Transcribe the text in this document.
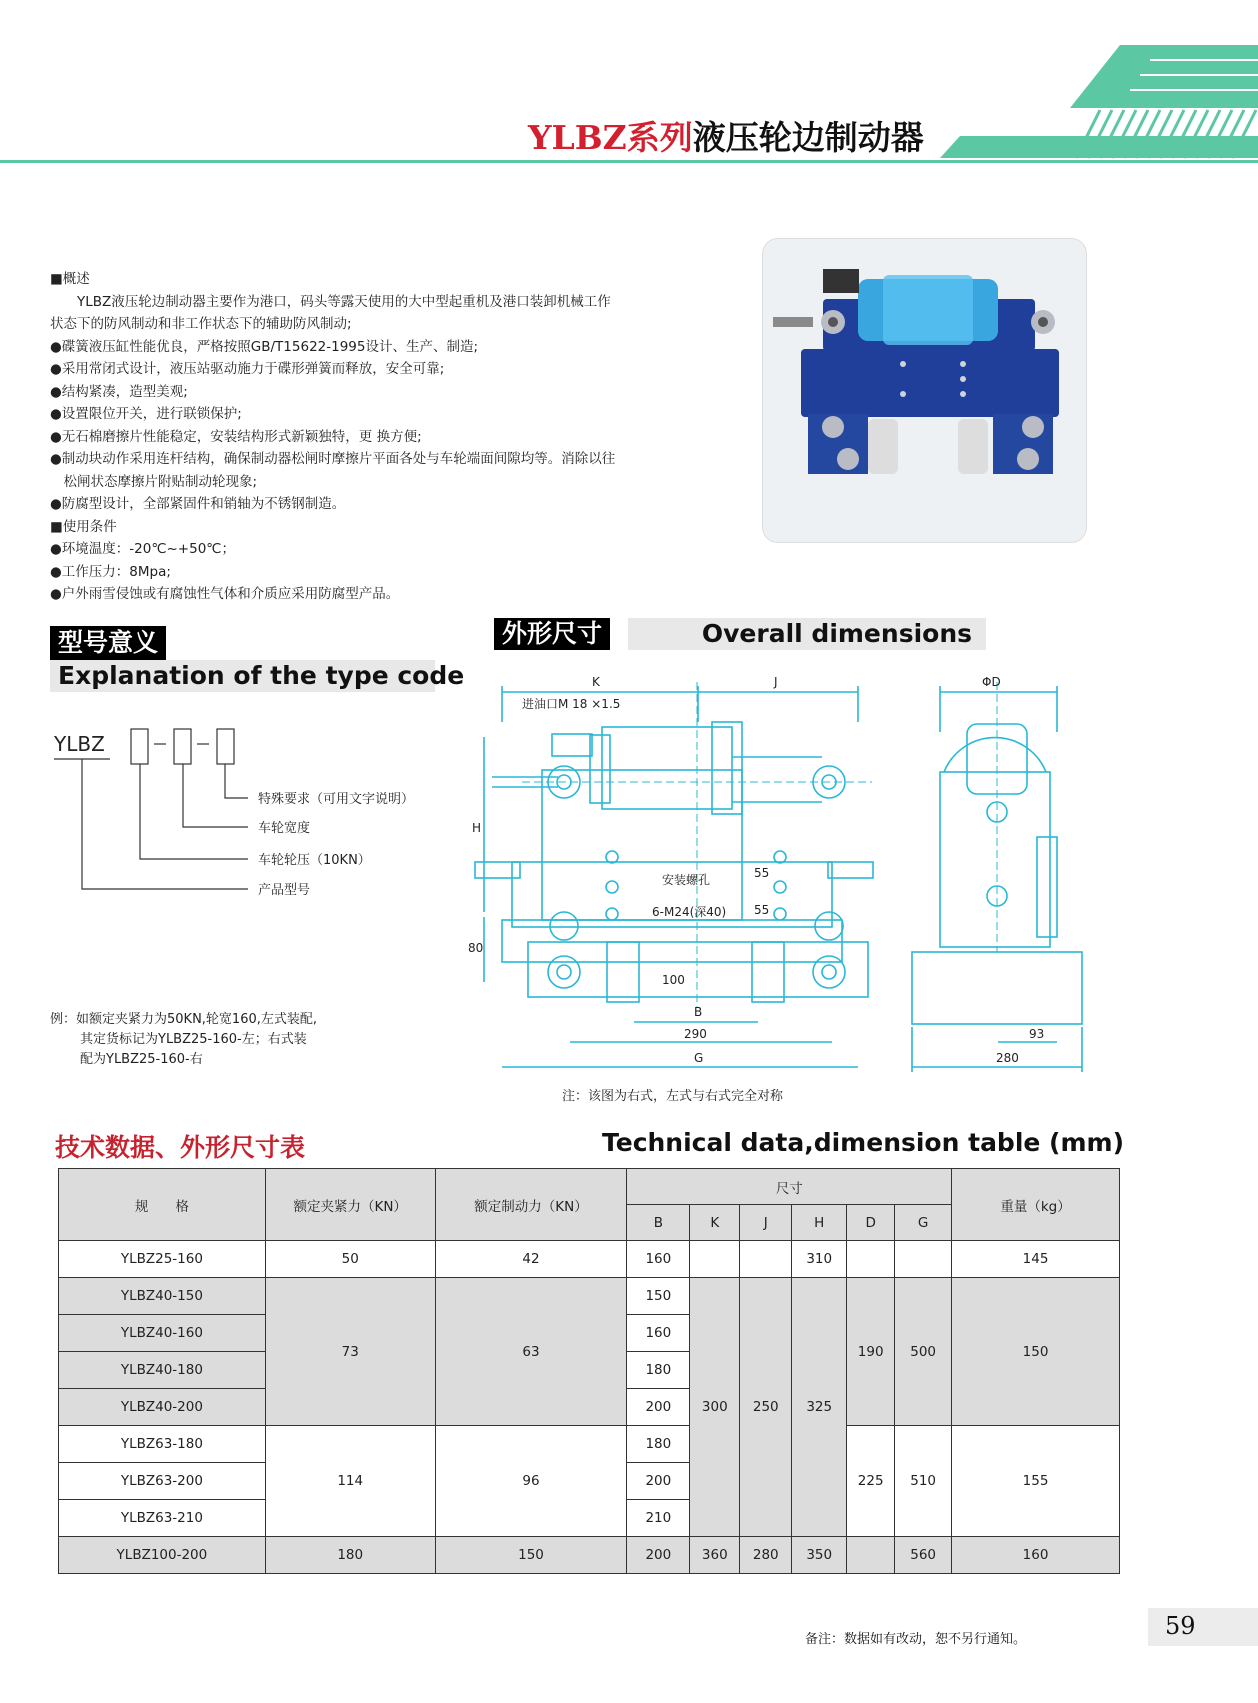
YLBZ系列液压轮边制动器

■概述

　　YLBZ液压轮边制动器主要作为港口，码头等露天使用的大中型起重机及港口装卸机械工作

状态下的防风制动和非工作状态下的辅助防风制动;

●碟簧液压缸性能优良，严格按照GB/T15622-1995设计、生产、制造;

●采用常闭式设计，液压站驱动施力于碟形弹簧而释放，安全可靠;

●结构紧凑，造型美观;

●设置限位开关，进行联锁保护;

●无石棉磨擦片性能稳定，安装结构形式新颖独特，更 换方便;

●制动块动作采用连杆结构，确保制动器松闸时摩擦片平面各处与车轮端面间隙均等。消除以往

　松闸状态摩擦片附贴制动轮现象;

●防腐型设计，全部紧固件和销轴为不锈钢制造。

■使用条件

●环境温度：-20℃~+50℃；

●工作压力：8Mpa;

●户外雨雪侵蚀或有腐蚀性气体和介质应采用防腐型产品。

型号意义
Explanation of the type code
YLBZ
特殊要求（可用文字说明）
车轮宽度
车轮轮压（10KN）
产品型号
例：如额定夹紧力为50KN,轮宽160,左式装配,
其定货标记为YLBZ25-160-左；右式装
配为YLBZ25-160-右
外形尺寸	Overall dimensions
K	J	ΦD
进油口M 18 ×1.5
H
80
安装螺孔
6-M24(深40)
55
55
100
B
290
G
93
280
注：该图为右式，左式与右式完全对称
技术数据、外形尺寸表	Technical data,dimension table (mm)
规　　格	额定夹紧力（KN）	额定制动力（KN）	尺寸						重量（kg）
			B	K	J	H	D	G	
YLBZ25-160	50	42	160			310			145
YLBZ40-150	73	63	150	300	250	325	190	500	150
YLBZ40-160			160						
YLBZ40-180			180						
YLBZ40-200			200						
YLBZ63-180	114	96	180				225	510	155
YLBZ63-200			200						
YLBZ63-210			210						
YLBZ100-200	180	150	200	360	280	350		560	160
59
备注：数据如有改动，恕不另行通知。
